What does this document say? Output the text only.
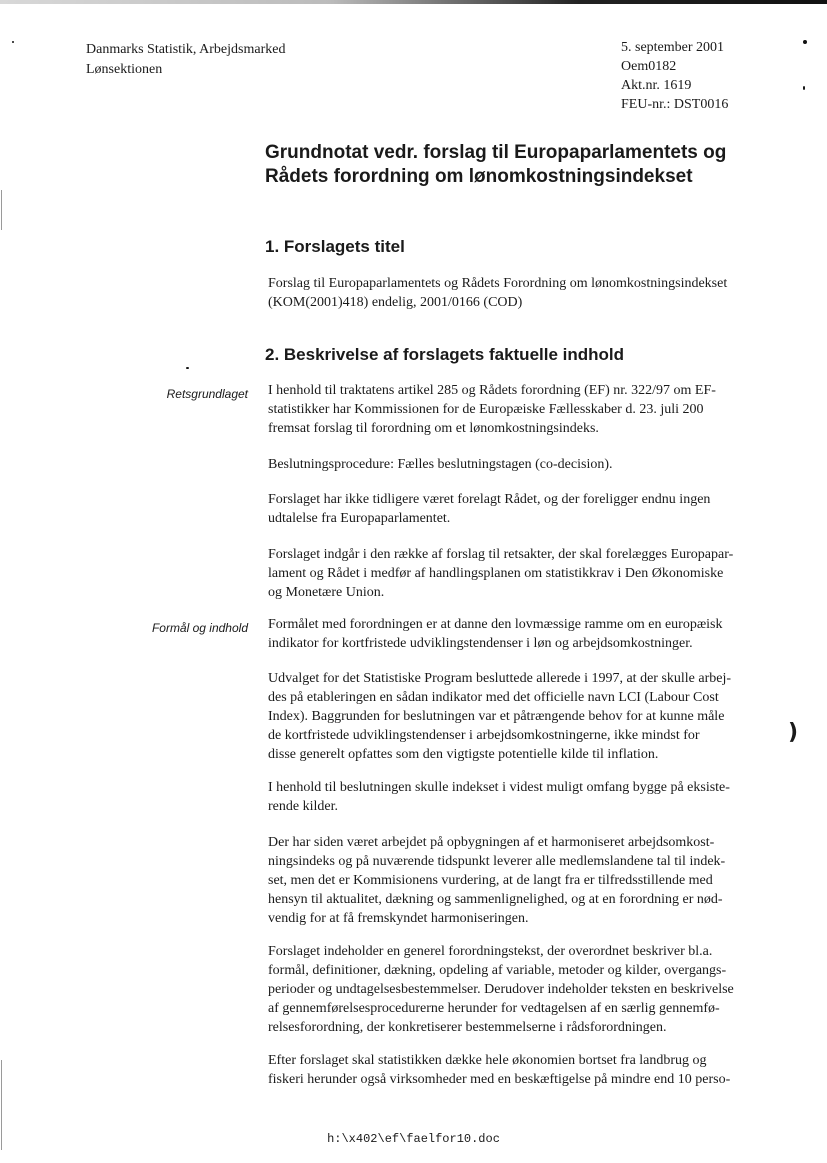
Danmarks Statistik, Arbejdsmarked
Lønsektionen
5. september 2001
Oem0182
Akt.nr. 1619
FEU-nr.: DST0016
Grundnotat vedr. forslag til Europaparlamentets og
Rådets forordning om lønomkostningsindekset
1. Forslagets titel
Forslag til Europaparlamentets og Rådets Forordning om lønomkostningsindekset
(KOM(2001)418) endelig, 2001/0166 (COD)
2. Beskrivelse af forslagets faktuelle indhold
Retsgrundlaget
Formål og indhold
I henhold til traktatens artikel 285 og Rådets forordning (EF) nr. 322/97 om EF-
statistikker har Kommissionen for de Europæiske Fællesskaber d. 23. juli 200
fremsat forslag til forordning om et lønomkostningsindeks.
Beslutningsprocedure: Fælles beslutningstagen (co-decision).
Forslaget har ikke tidligere været forelagt Rådet, og der foreligger endnu ingen
udtalelse fra Europaparlamentet.
Forslaget indgår i den række af forslag til retsakter, der skal forelægges Europapar-
lament og Rådet i medfør af handlingsplanen om statistikkrav i Den Økonomiske
og Monetære Union.
Formålet med forordningen er at danne den lovmæssige ramme om en europæisk
indikator for kortfristede udviklingstendenser i løn og arbejdsomkostninger.
Udvalget for det Statistiske Program besluttede allerede i 1997, at der skulle arbej-
des på etableringen en sådan indikator med det officielle navn LCI (Labour Cost
Index). Baggrunden for beslutningen var et påtrængende behov for at kunne måle
de kortfristede udviklingstendenser i arbejdsomkostningerne, ikke mindst for
disse generelt opfattes som den vigtigste potentielle kilde til inflation.
)
I henhold til beslutningen skulle indekset i videst muligt omfang bygge på eksiste-
rende kilder.
Der har siden været arbejdet på opbygningen af et harmoniseret arbejdsomkost-
ningsindeks og på nuværende tidspunkt leverer alle medlemslandene tal til indek-
set, men det er Kommisionens vurdering, at de langt fra er tilfredsstillende med
hensyn til aktualitet, dækning og sammenlignelighed, og at en forordning er nød-
vendig for at få fremskyndet harmoniseringen.
Forslaget indeholder en generel forordningstekst, der overordnet beskriver bl.a.
formål, definitioner, dækning, opdeling af variable, metoder og kilder, overgangs-
perioder og undtagelsesbestemmelser. Derudover indeholder teksten en beskrivelse
af gennemførelsesprocedurerne herunder for vedtagelsen af en særlig gennemfø-
relsesforordning, der konkretiserer bestemmelserne i rådsforordningen.
Efter forslaget skal statistikken dække hele økonomien bortset fra landbrug og
fiskeri herunder også virksomheder med en beskæftigelse på mindre end 10 perso-
h:\x402\ef\faelfor10.doc
